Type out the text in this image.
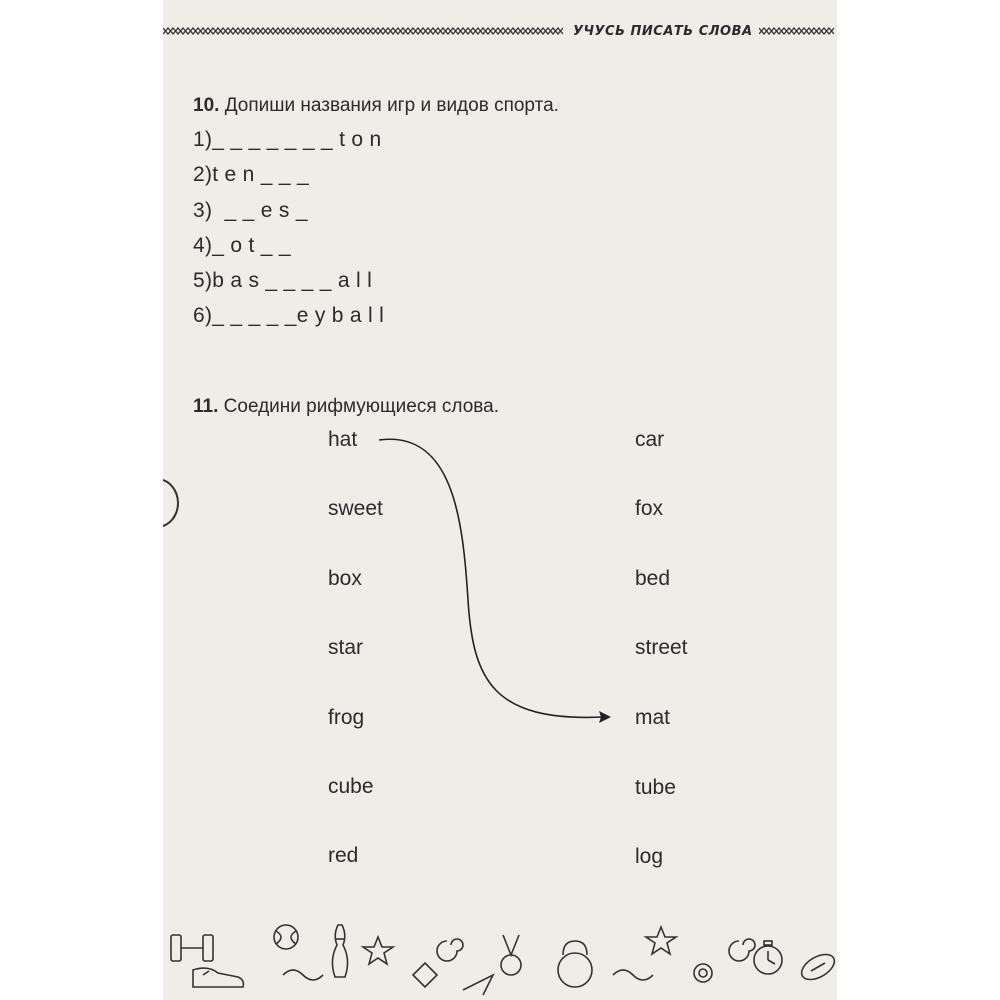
УЧУСЬ ПИСАТЬ СЛОВА
10. Допиши названия игр и видов спорта.
1)_ _ _ _ _ _ _ t o n
2)t e n _ _ _
3)  _ _ e s _
4)_ o t _ _
5)b a s _ _ _ _ a l l
6)_ _ _ _ _e y b a l l
11. Соедини рифмующиеся слова.
hat
sweet
box
star
frog
cube
red
car
fox
bed
street
mat
tube
log
